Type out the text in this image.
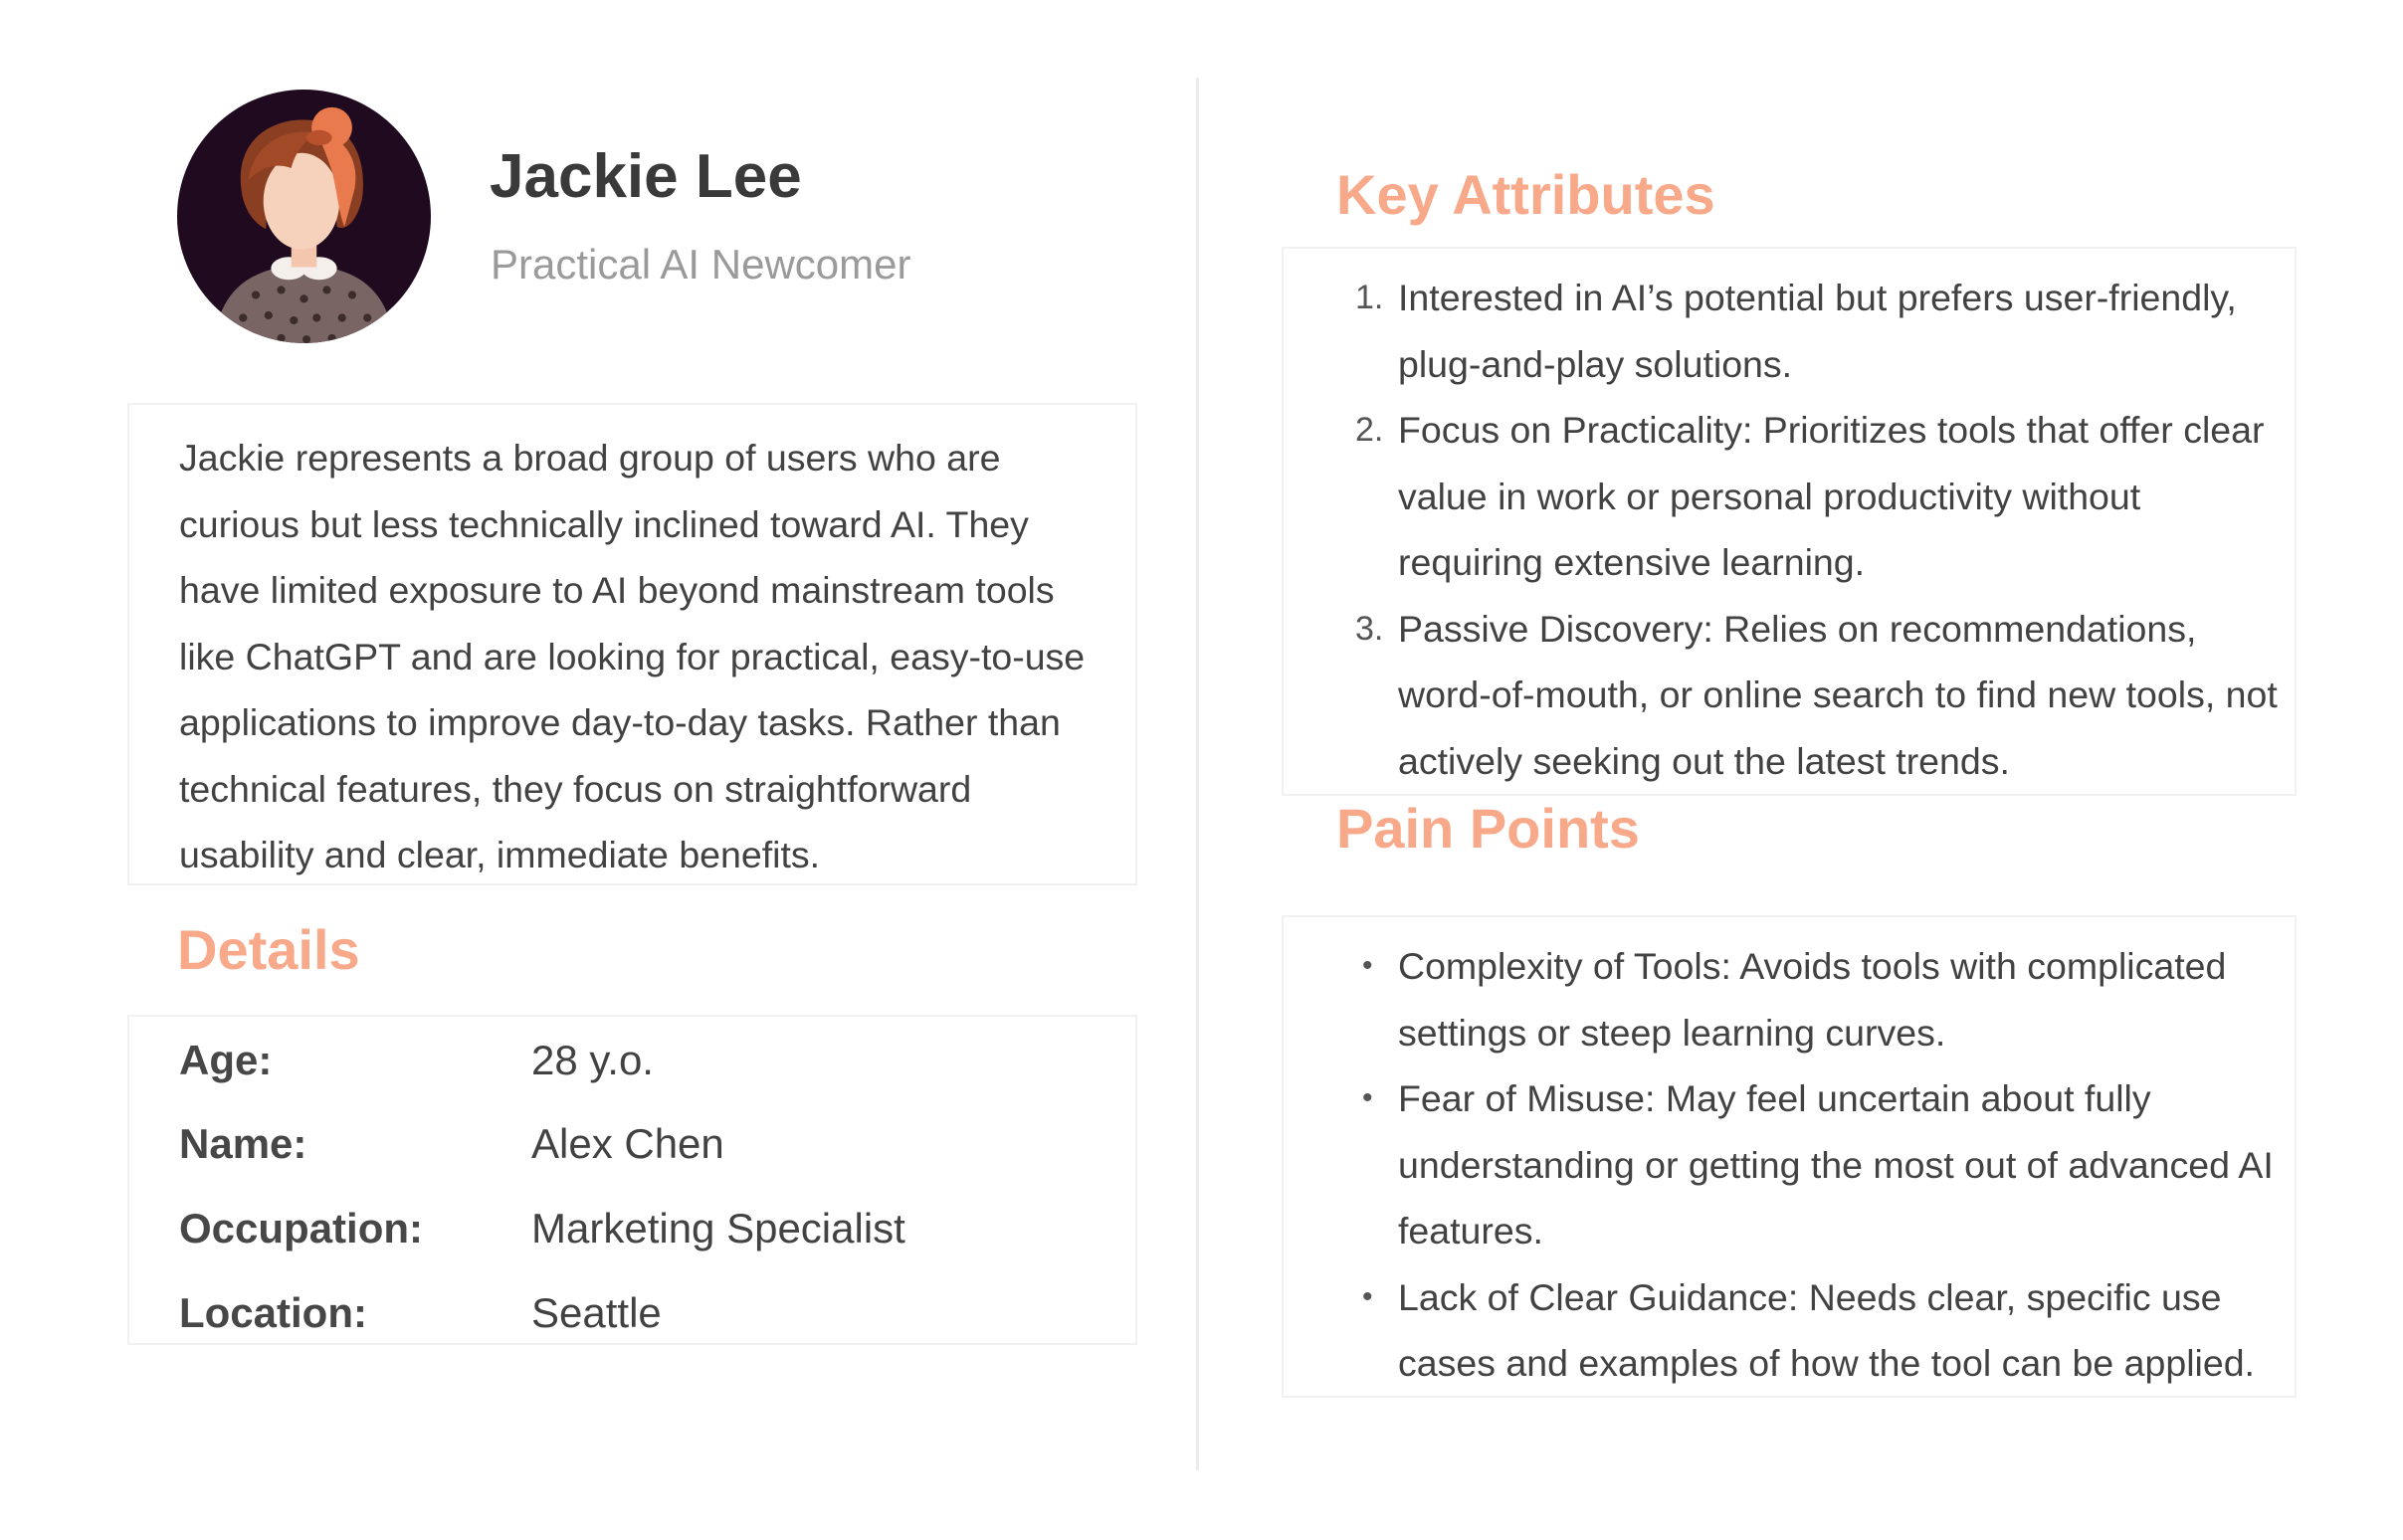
Jackie Lee
Practical AI Newcomer

Jackie represents a broad group of users who are curious but less technically inclined toward AI. They have limited exposure to AI beyond mainstream tools like ChatGPT and are looking for practical, easy-to-use applications to improve day-to-day tasks. Rather than technical features, they focus on straightforward usability and clear, immediate benefits.

Details
Age:	28 y.o.
Name:	Alex Chen
Occupation:	Marketing Specialist
Location:	Seattle
Key Attributes
1. Interested in AI’s potential but prefers user-friendly, plug-and-play solutions.
2. Focus on Practicality: Prioritizes tools that offer clear value in work or personal productivity without requiring extensive learning.
3. Passive Discovery: Relies on recommendations, word-of-mouth, or online search to find new tools, not actively seeking out the latest trends.
Pain Points
• Complexity of Tools: Avoids tools with complicated settings or steep learning curves.
• Fear of Misuse: May feel uncertain about fully understanding or getting the most out of advanced AI features.
• Lack of Clear Guidance: Needs clear, specific use cases and examples of how the tool can be applied.
